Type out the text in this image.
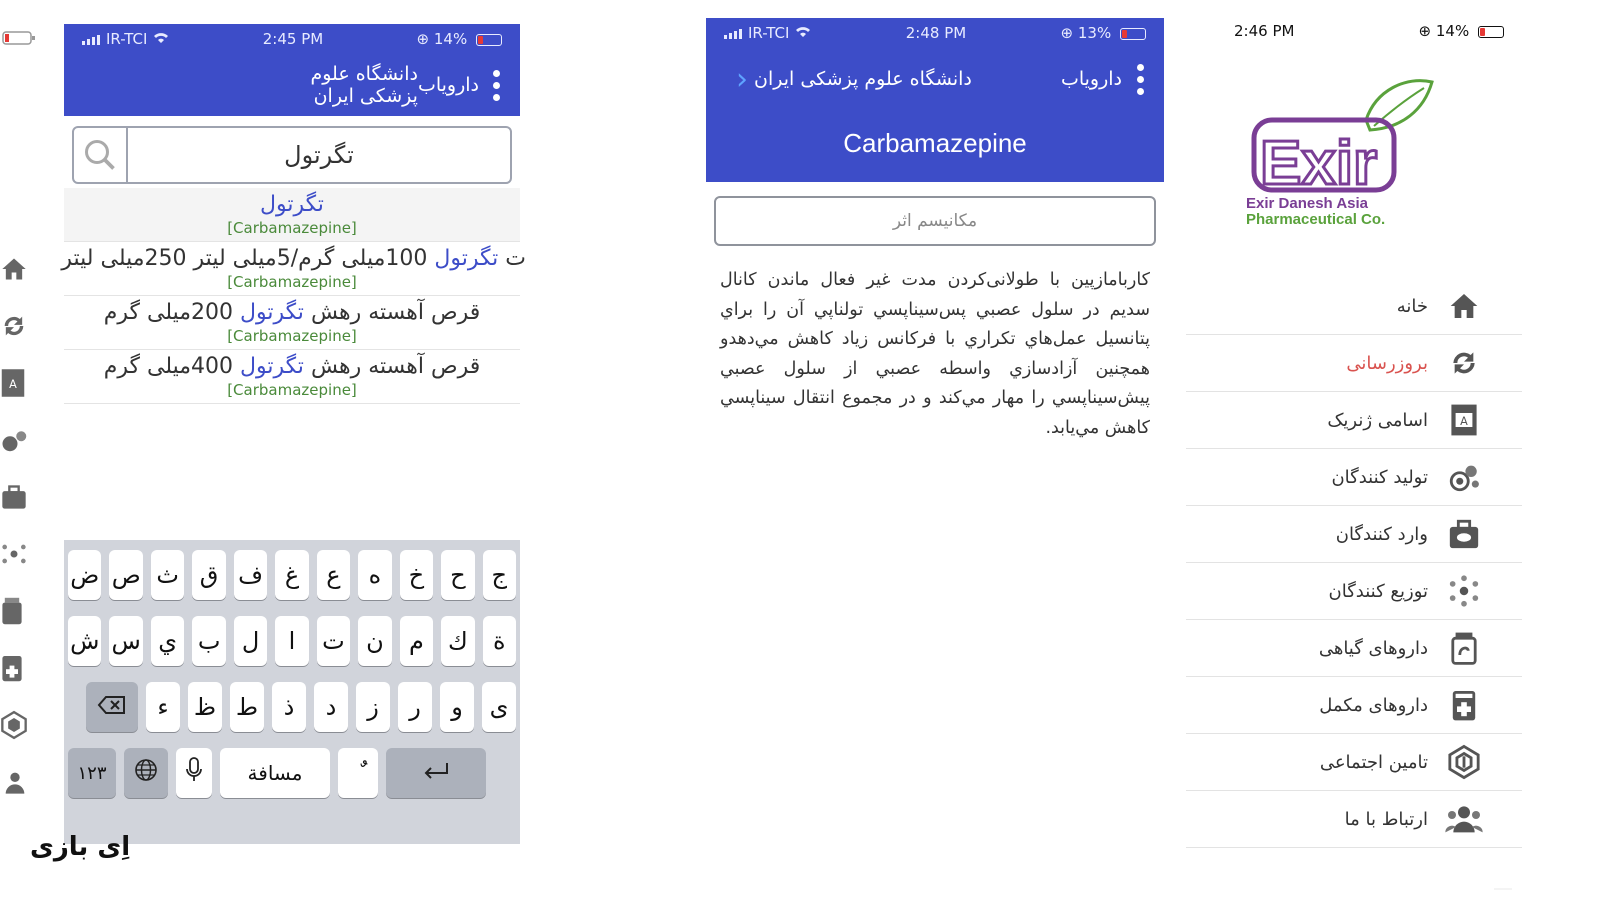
A
IR-TCI	2:45 PM	⊕ 14%
دارویاب
دانشگاه علوم پزشکی ایران
تگرتول
تگرتول
[Carbamazepine]
ت تگرتول 100میلی گرم/5میلی لیتر 250میلی لیتر
[Carbamazepine]
قرص آهسته رهش تگرتول 200میلی گرم
[Carbamazepine]
قرص آهسته رهش تگرتول 400میلی گرم
[Carbamazepine]
ج
ح
خ
ه
ع
غ
ف
ق
ث
ص
ض
ة
ك
م
ن
ت
ا
ل
ب
ي
س
ش
ى
و
ر
ز
د
ذ
ط
ظ
ء
۱۲۳	مسافة
IR-TCI	2:48 PM	⊕ 13%
دارویاب
دانشگاه علوم پزشکی ایران
‹
Carbamazepine
مکانیسم اثر
کاربامازپین با طولانی‌کردن مدت غیر فعال ماندن کانال سدیم در سلول عصبي پس‌سیناپسي تولناپي آن را براي پتانسیل عمل‌هاي تکراري با فرکانس زیاد کاهش مي‌دهدو همچنین آزادسازي واسطه عصبي از سلول عصبي پیش‌سیناپسي را مهار مي‌کند و در مجموع انتقال سیناپسي کاهش مي‌یابد.
2:46 PM	⊕ 14%
Exir
Exir Danesh Asia
Pharmaceutical Co.
خانه
بروزرسانی
اسامی ژنریک	A
تولید کنندگان
وارد کنندگان
توزیع کنندگان
داروهای گیاهی
داروهای مکمل
تامین اجتماعی
ارتباط با ما
اِی بازی
